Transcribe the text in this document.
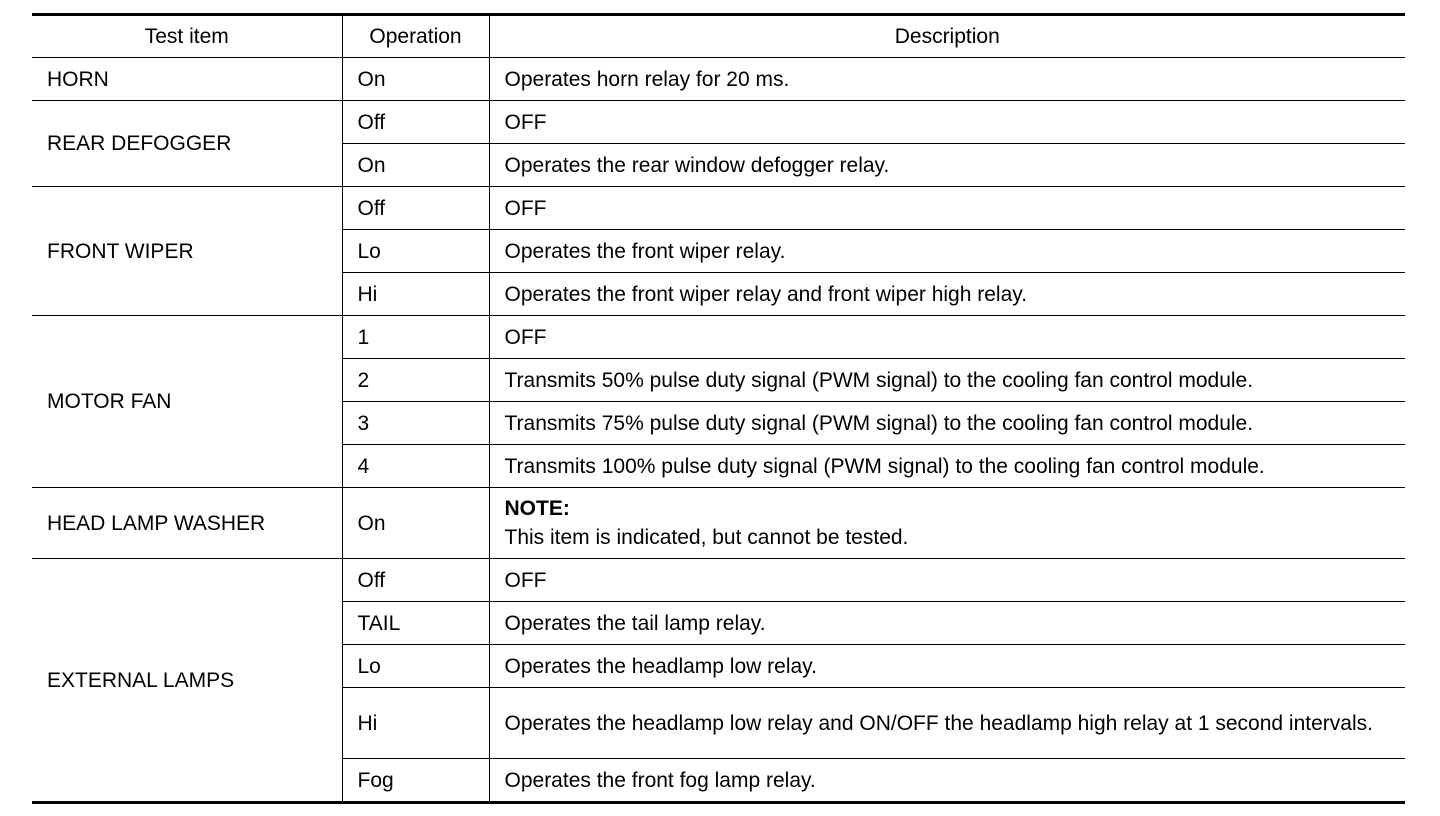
Test item	Operation	Description
HORN	On	Operates horn relay for 20 ms.
REAR DEFOGGER	Off	OFF
	On	Operates the rear window defogger relay.
FRONT WIPER	Off	OFF
	Lo	Operates the front wiper relay.
	Hi	Operates the front wiper relay and front wiper high relay.
MOTOR FAN	1	OFF
	2	Transmits 50% pulse duty signal (PWM signal) to the cooling fan control module.
	3	Transmits 75% pulse duty signal (PWM signal) to the cooling fan control module.
	4	Transmits 100% pulse duty signal (PWM signal) to the cooling fan control module.
HEAD LAMP WASHER	On	NOTE:
This item is indicated, but cannot be tested.

EXTERNAL LAMPS	Off	OFF
	TAIL	Operates the tail lamp relay.
	Lo	Operates the headlamp low relay.
	Hi	Operates the headlamp low relay and ON/OFF the headlamp high relay at 1 second intervals.
	Fog	Operates the front fog lamp relay.
